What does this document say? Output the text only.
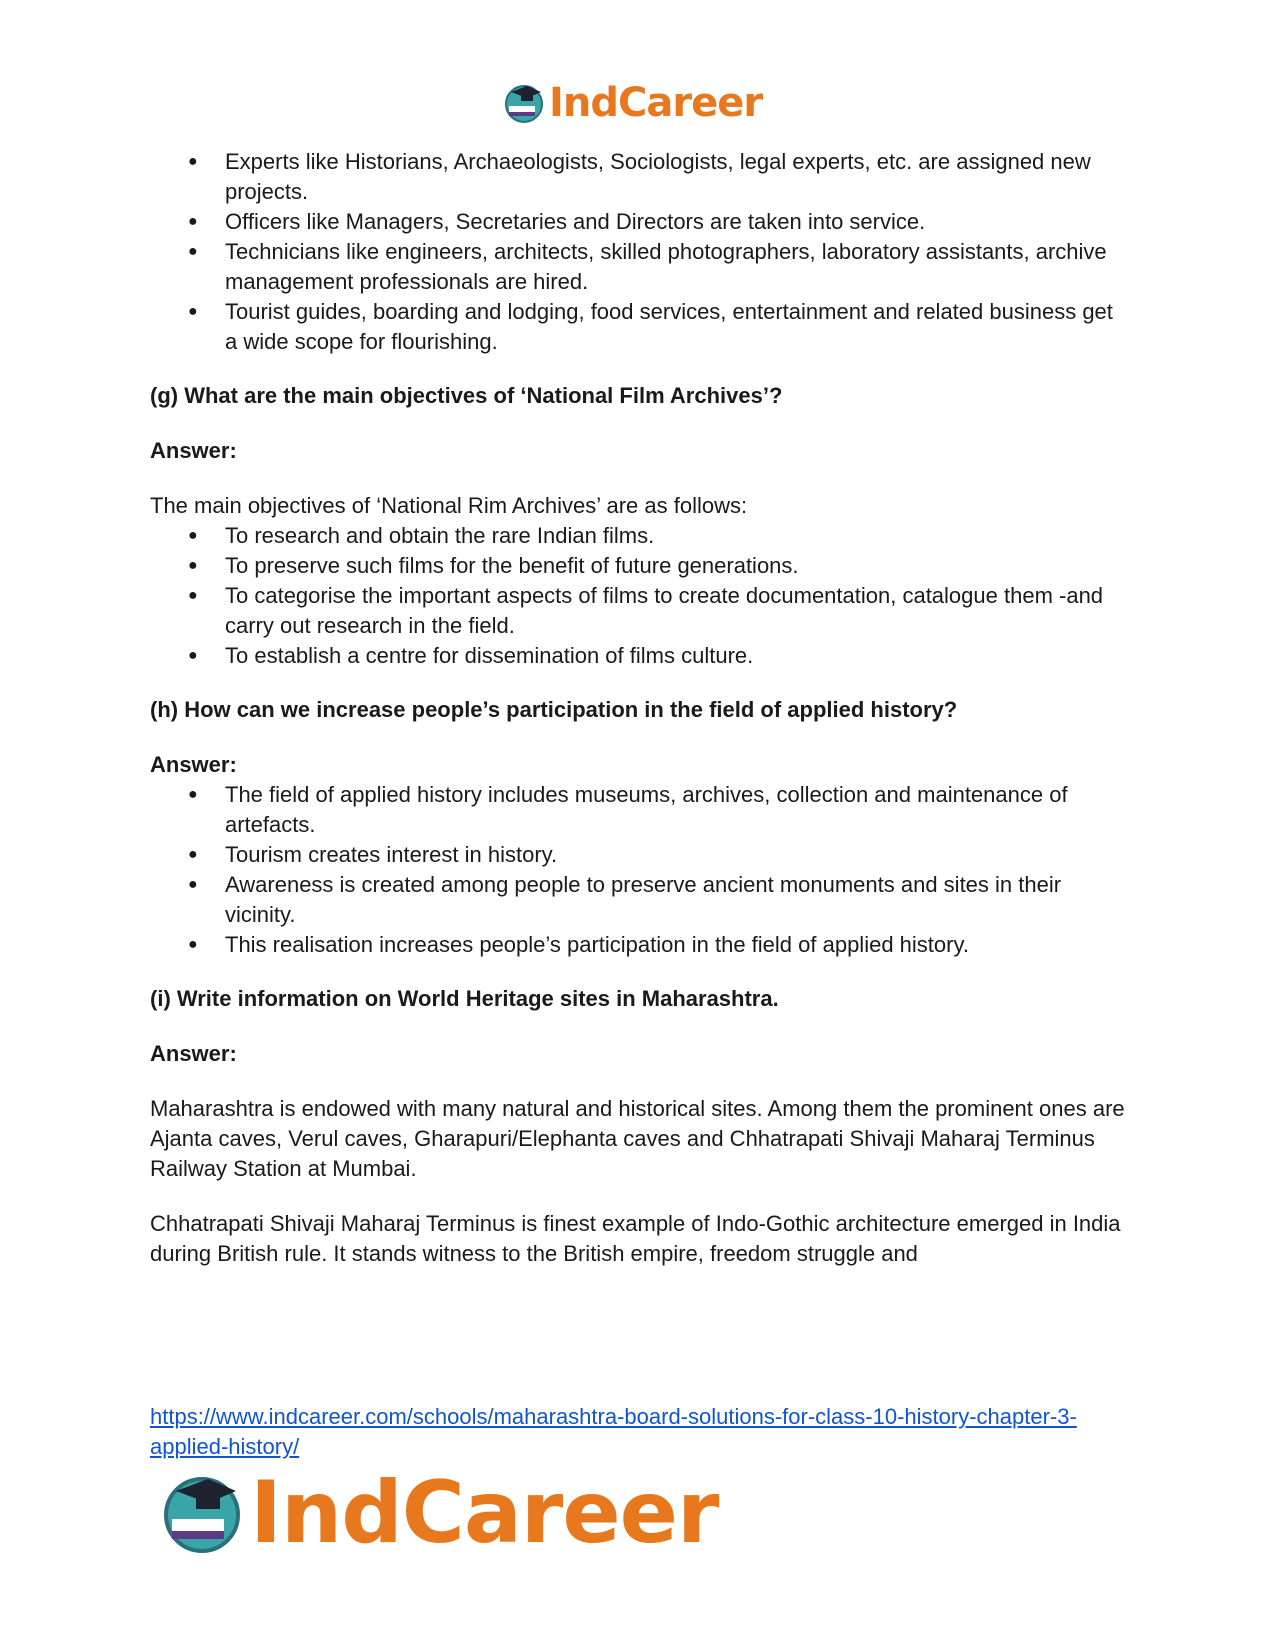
IndCareer
● Experts like Historians, Archaeologists, Sociologists, legal experts, etc. are assigned new projects.
● Officers like Managers, Secretaries and Directors are taken into service.
● Technicians like engineers, architects, skilled photographers, laboratory assistants, archive management professionals are hired.
● Tourist guides, boarding and lodging, food services, entertainment and related business get a wide scope for flourishing.
(g) What are the main objectives of ‘National Film Archives’?
Answer:

The main objectives of ‘National Rim Archives’ are as follows:

● To research and obtain the rare Indian films.
● To preserve such films for the benefit of future generations.
● To categorise the important aspects of films to create documentation, catalogue them -and carry out research in the field.
● To establish a centre for dissemination of films culture.
(h) How can we increase people’s participation in the field of applied history?
Answer:
● The field of applied history includes museums, archives, collection and maintenance of artefacts.
● Tourism creates interest in history.
● Awareness is created among people to preserve ancient monuments and sites in their vicinity.
● This realisation increases people’s participation in the field of applied history.
(i) Write information on World Heritage sites in Maharashtra.
Answer:

Maharashtra is endowed with many natural and historical sites. Among them the prominent ones are Ajanta caves, Verul caves, Gharapuri/Elephanta caves and Chhatrapati Shivaji Maharaj Terminus Railway Station at Mumbai.

Chhatrapati Shivaji Maharaj Terminus is finest example of Indo-Gothic architecture emerged in India during British rule. It stands witness to the British empire, freedom struggle and

https://www.indcareer.com/schools/maharashtra-board-solutions-for-class-10-history-chapter-3-applied-history/
IndCareer
